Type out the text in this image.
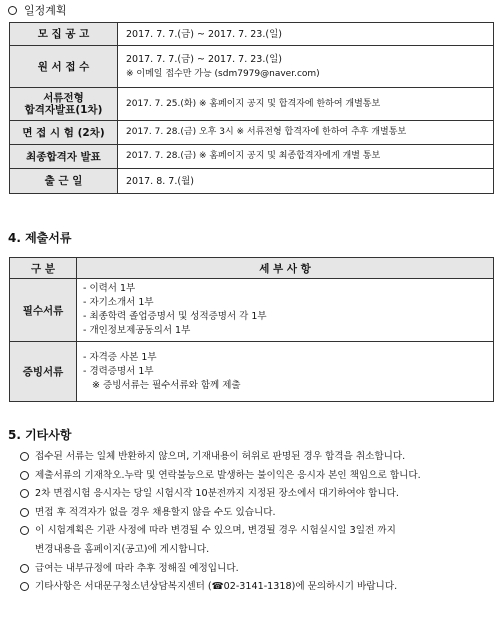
일정계획
모 집 공 고	2017. 7. 7.(금) ~ 2017. 7. 23.(일)

원 서 접 수	2017. 7. 7.(금) ~ 2017. 7. 23.(일)
※ 이메일 접수만 가능 (sdm7979@naver.com)

서류전형
합격자발표(1차)	2017. 7. 25.(화) ※ 홈페이지 공지 및 합격자에 한하여 개별통보

면 접 시 험 (2차)	2017. 7. 28.(금) 오후 3시 ※ 서류전형 합격자에 한하여 추후 개별통보

최종합격자 발표	2017. 7. 28.(금) ※ 홈페이지 공지 및 최종합격자에게 개별 통보

출 근 일	2017. 8. 7.(월)
4. 제출서류
구 분	세 부 사 항
필수서류	- 이력서 1부
- 자기소개서 1부
- 최종학력 졸업증명서 및 성적증명서 각 1부
- 개인정보제공동의서 1부

증빙서류	- 자격증 사본 1부
- 경력증명서 1부
※ 증빙서류는 필수서류와 함께 제출
5. 기타사항
접수된 서류는 일체 반환하지 않으며, 기재내용이 허위로 판명된 경우 합격을 취소합니다.
제출서류의 기재착오.누락 및 연락불능으로 발생하는 불이익은 응시자 본인 책임으로 합니다.
2차 면접시험 응시자는 당일 시험시작 10분전까지 지정된 장소에서 대기하여야 합니다.
면접 후 적격자가 없을 경우 채용할지 않을 수도 있습니다.
이 시험계획은 기관 사정에 따라 변경될 수 있으며, 변경될 경우 시험실시일 3일전 까지
변경내용을 홈페이지(공고)에 게시합니다.
급여는 내부규정에 따라 추후 정해질 예정입니다.
기타사항은 서대문구청소년상담복지센터 (☎02-3141-1318)에 문의하시기 바랍니다.
